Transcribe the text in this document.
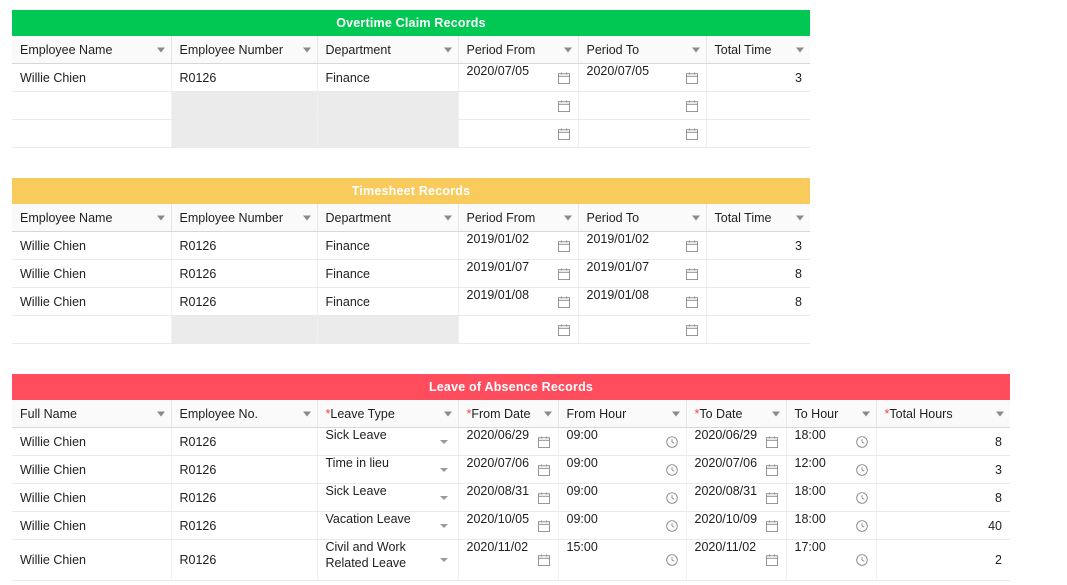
Overtime Claim Records
Employee Name	Employee Number	Department	Period From	Period To	Total Time

Willie Chien	R0126	Finance	2020/07/05	2020/07/05	3

Timesheet Records
Employee Name	Employee Number	Department	Period From	Period To	Total Time

Willie Chien	R0126	Finance	2019/01/02	2019/01/02	3
Willie Chien	R0126	Finance	2019/01/07	2019/01/07	8
Willie Chien	R0126	Finance	2019/01/08	2019/01/08	8

Leave of Absence Records
Full Name	Employee No.	*Leave Type	*From Date	From Hour	*To Date	To Hour	*Total Hours

Willie Chien	R0126	Sick Leave	2020/06/29	09:00	2020/06/29	18:00	8
Willie Chien	R0126	Time in lieu	2020/07/06	09:00	2020/07/06	12:00	3
Willie Chien	R0126	Sick Leave	2020/08/31	09:00	2020/08/31	18:00	8
Willie Chien	R0126	Vacation Leave	2020/10/05	09:00	2020/10/09	18:00	40
Willie Chien	R0126	Civil and Work Related Leave	2020/11/02	15:00	2020/11/02	17:00	2
